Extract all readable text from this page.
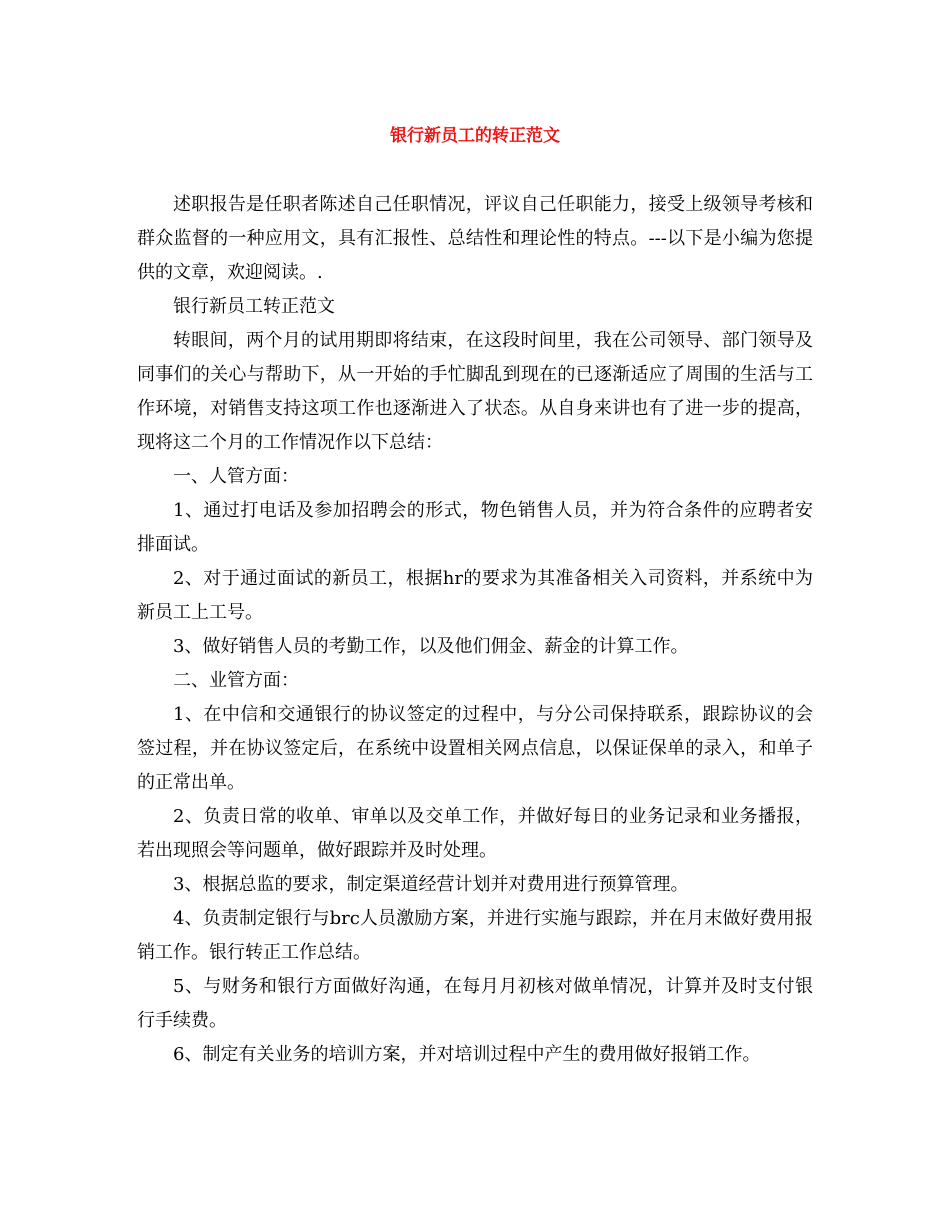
银行新员工的转正范文

述职报告是任职者陈述自己任职情况，评议自己任职能力，接受上级领导考核和群众监督的一种应用文，具有汇报性、总结性和理论性的特点。---以下是小编为您提供的文章，欢迎阅读。.

银行新员工转正范文

转眼间，两个月的试用期即将结束，在这段时间里，我在公司领导、部门领导及同事们的关心与帮助下，从一开始的手忙脚乱到现在的已逐渐适应了周围的生活与工作环境，对销售支持这项工作也逐渐进入了状态。从自身来讲也有了进一步的提高，现将这二个月的工作情况作以下总结：

一、人管方面：

1、通过打电话及参加招聘会的形式，物色销售人员，并为符合条件的应聘者安排面试。

2、对于通过面试的新员工，根据hr的要求为其准备相关入司资料，并系统中为新员工上工号。

3、做好销售人员的考勤工作，以及他们佣金、薪金的计算工作。

二、业管方面：

1、在中信和交通银行的协议签定的过程中，与分公司保持联系，跟踪协议的会签过程，并在协议签定后，在系统中设置相关网点信息，以保证保单的录入，和单子的正常出单。

2、负责日常的收单、审单以及交单工作，并做好每日的业务记录和业务播报，若出现照会等问题单，做好跟踪并及时处理。

3、根据总监的要求，制定渠道经营计划并对费用进行预算管理。

4、负责制定银行与brc人员激励方案，并进行实施与跟踪，并在月末做好费用报销工作。银行转正工作总结。

5、与财务和银行方面做好沟通，在每月月初核对做单情况，计算并及时支付银行手续费。

6、制定有关业务的培训方案，并对培训过程中产生的费用做好报销工作。
